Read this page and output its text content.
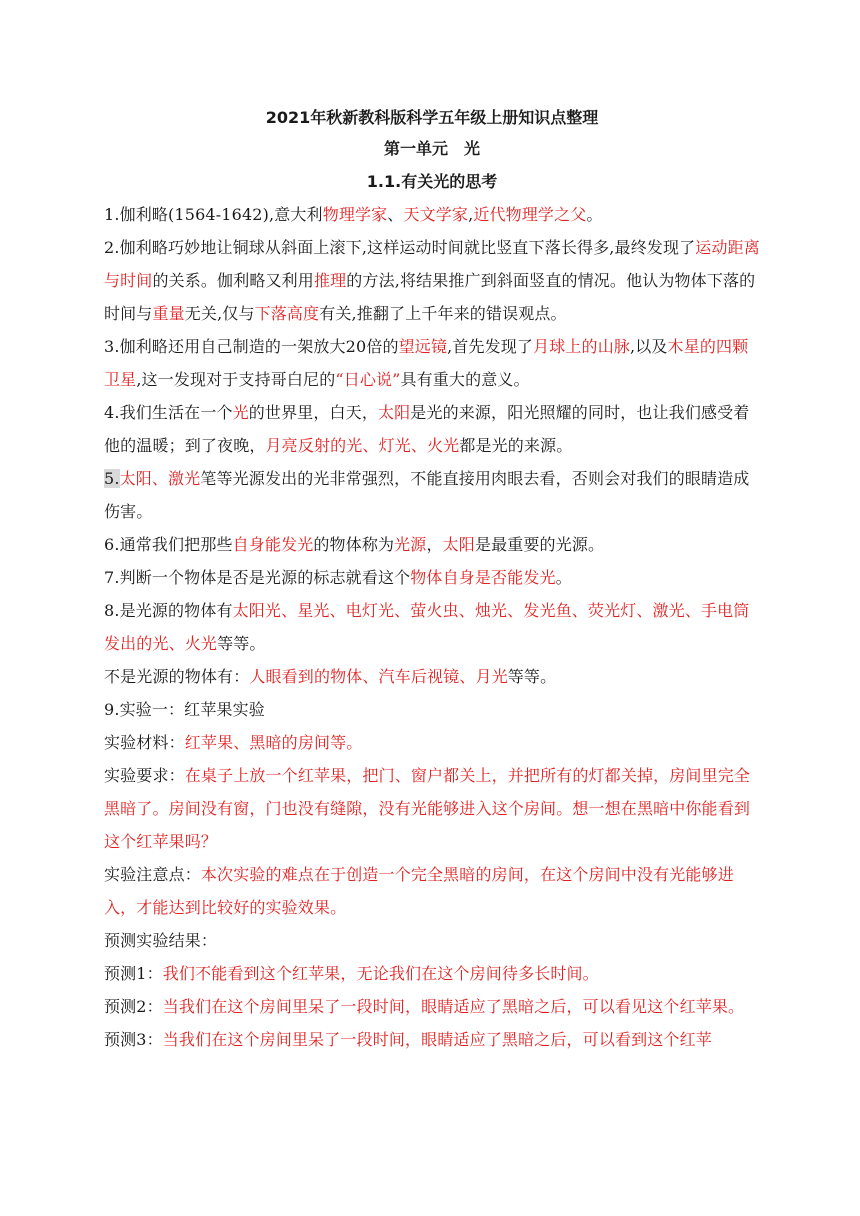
2021年秋新教科版科学五年级上册知识点整理
第一单元　光
1.1.有关光的思考
1.伽利略(1564-1642),意大利物理学家、天文学家,近代物理学之父。
2.伽利略巧妙地让铜球从斜面上滚下,这样运动时间就比竖直下落长得多,最终发现了运动距离与时间的关系。伽利略又利用推理的方法,将结果推广到斜面竖直的情况。他认为物体下落的时间与重量无关,仅与下落高度有关,推翻了上千年来的错误观点。
3.伽利略还用自己制造的一架放大20倍的望远镜,首先发现了月球上的山脉,以及木星的四颗卫星,这一发现对于支持哥白尼的“日心说”具有重大的意义。
4.我们生活在一个光的世界里，白天，太阳是光的来源，阳光照耀的同时，也让我们感受着他的温暖；到了夜晚，月亮反射的光、灯光、火光都是光的来源。
5.太阳、激光笔等光源发出的光非常强烈，不能直接用肉眼去看，否则会对我们的眼睛造成伤害。
6.通常我们把那些自身能发光的物体称为光源，太阳是最重要的光源。
7.判断一个物体是否是光源的标志就看这个物体自身是否能发光。
8.是光源的物体有太阳光、星光、电灯光、萤火虫、烛光、发光鱼、荧光灯、激光、手电筒发出的光、火光等等。
不是光源的物体有：人眼看到的物体、汽车后视镜、月光等等。
9.实验一：红苹果实验
实验材料：红苹果、黑暗的房间等。
实验要求：在桌子上放一个红苹果，把门、窗户都关上，并把所有的灯都关掉，房间里完全黑暗了。房间没有窗，门也没有缝隙，没有光能够进入这个房间。想一想在黑暗中你能看到这个红苹果吗？
实验注意点：本次实验的难点在于创造一个完全黑暗的房间，在这个房间中没有光能够进入，才能达到比较好的实验效果。
预测实验结果：
预测1：我们不能看到这个红苹果，无论我们在这个房间待多长时间。
预测2：当我们在这个房间里呆了一段时间，眼睛适应了黑暗之后，可以看见这个红苹果。
预测3：当我们在这个房间里呆了一段时间，眼睛适应了黑暗之后，可以看到这个红苹
